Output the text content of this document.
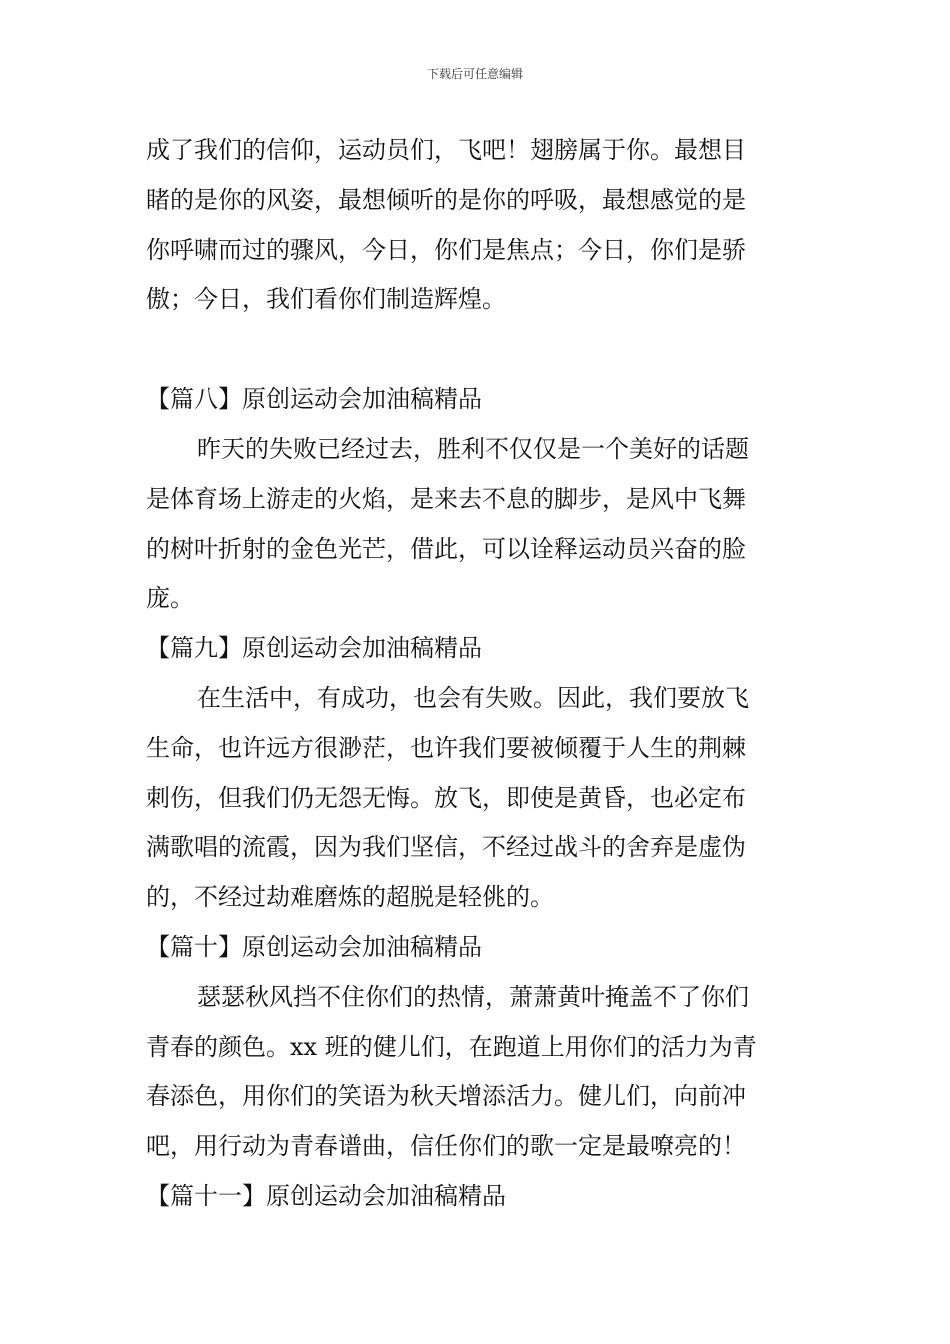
下载后可任意编辑
成了我们的信仰，运动员们，飞吧！翅膀属于你。最想目
睹的是你的风姿，最想倾听的是你的呼吸，最想感觉的是
你呼啸而过的骤风，今日，你们是焦点；今日，你们是骄
傲；今日，我们看你们制造辉煌。
【篇八】原创运动会加油稿精品
昨天的失败已经过去，胜利不仅仅是一个美好的话题
是体育场上游走的火焰，是来去不息的脚步，是风中飞舞
的树叶折射的金色光芒，借此，可以诠释运动员兴奋的脸
庞。
【篇九】原创运动会加油稿精品
在生活中，有成功，也会有失败。因此，我们要放飞
生命，也许远方很渺茫，也许我们要被倾覆于人生的荆棘
刺伤，但我们仍无怨无悔。放飞，即使是黄昏，也必定布
满歌唱的流霞，因为我们坚信，不经过战斗的舍弃是虚伪
的，不经过劫难磨炼的超脱是轻佻的。
【篇十】原创运动会加油稿精品
瑟瑟秋风挡不住你们的热情，萧萧黄叶掩盖不了你们
青春的颜色。xx 班的健儿们，在跑道上用你们的活力为青
春添色，用你们的笑语为秋天增添活力。健儿们，向前冲
吧，用行动为青春谱曲，信任你们的歌一定是最嘹亮的！
【篇十一】原创运动会加油稿精品
